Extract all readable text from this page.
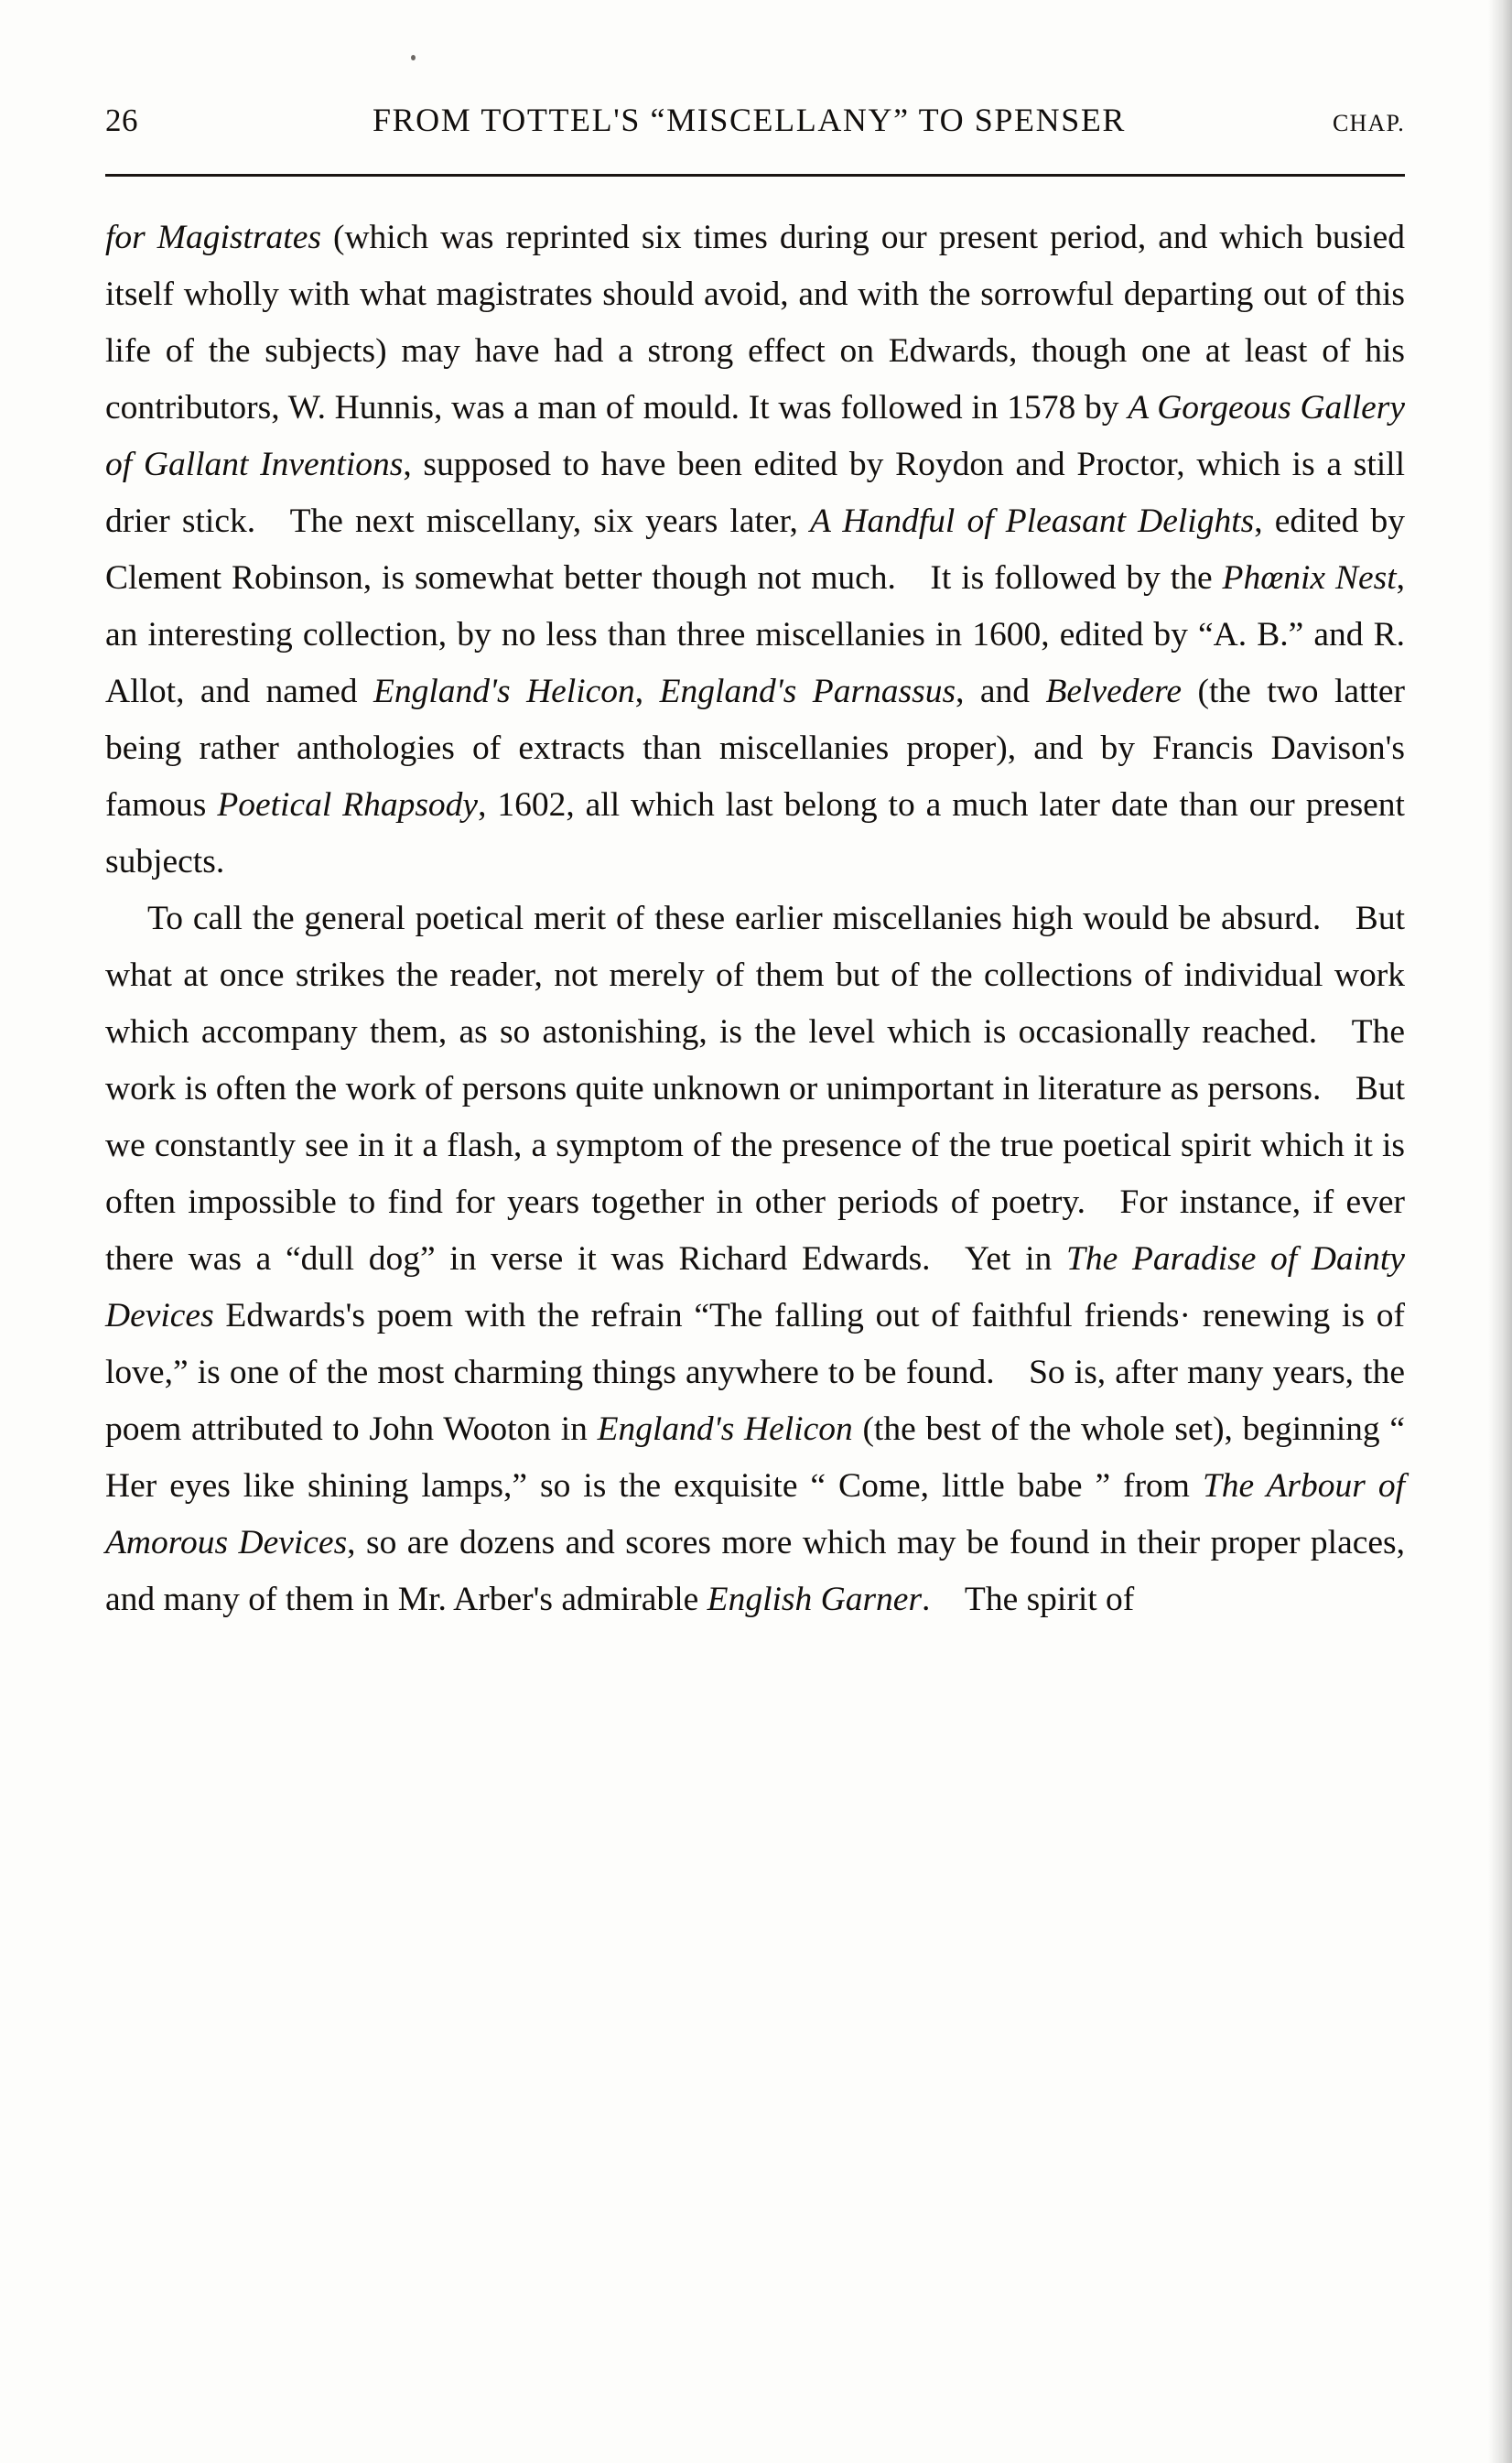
26	FROM TOTTEL'S “MISCELLANY” TO SPENSER	CHAP.

for Magistrates (which was reprinted six times during our present period, and which busied itself wholly with what magistrates should avoid, and with the sorrowful departing out of this life of the subjects) may have had a strong effect on Edwards, though one at least of his contributors, W. Hunnis, was a man of mould. It was followed in 1578 by A Gorgeous Gallery of Gallant Inventions, supposed to have been edited by Roydon and Proctor, which is a still drier stick. The next miscellany, six years later, A Handful of Pleasant Delights, edited by Clement Robinson, is somewhat better though not much. It is followed by the Phœnix Nest, an interesting collection, by no less than three miscellanies in 1600, edited by “A. B.” and R. Allot, and named England's Helicon, England's Parnassus, and Belvedere (the two latter being rather anthologies of extracts than miscellanies proper), and by Francis Davison's famous Poetical Rhapsody, 1602, all which last belong to a much later date than our present subjects.

To call the general poetical merit of these earlier miscellanies high would be absurd. But what at once strikes the reader, not merely of them but of the collections of individual work which accompany them, as so astonishing, is the level which is occasionally reached. The work is often the work of persons quite unknown or unimportant in literature as persons. But we constantly see in it a flash, a symptom of the presence of the true poetical spirit which it is often impossible to find for years together in other periods of poetry. For instance, if ever there was a “dull dog” in verse it was Richard Edwards. Yet in The Paradise of Dainty Devices Edwards's poem with the refrain “The falling out of faithful friends· renewing is of love,” is one of the most charming things anywhere to be found. So is, after many years, the poem attributed to John Wooton in England's Helicon (the best of the whole set), beginning “ Her eyes like shining lamps,” so is the exquisite “ Come, little babe ” from The Arbour of Amorous Devices, so are dozens and scores more which may be found in their proper places, and many of them in Mr. Arber's admirable English Garner. The spirit of
